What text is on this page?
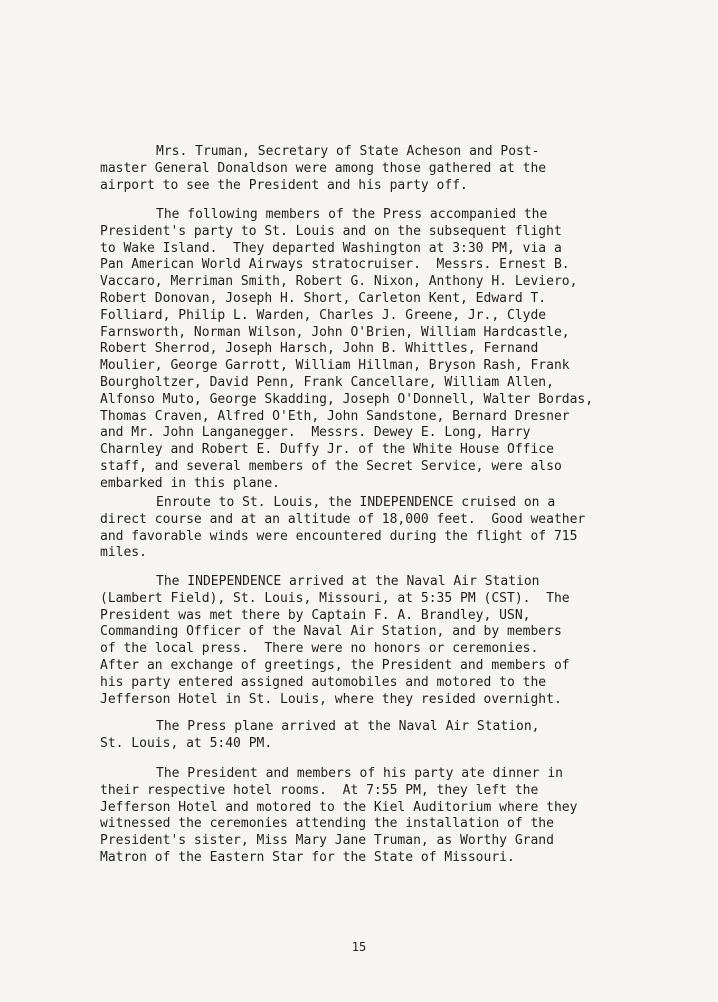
Mrs. Truman, Secretary of State Acheson and Post-
master General Donaldson were among those gathered at the
airport to see the President and his party off.
The following members of the Press accompanied the
President's party to St. Louis and on the subsequent flight
to Wake Island.  They departed Washington at 3:30 PM, via a
Pan American World Airways stratocruiser.  Messrs. Ernest B.
Vaccaro, Merriman Smith, Robert G. Nixon, Anthony H. Leviero,
Robert Donovan, Joseph H. Short, Carleton Kent, Edward T.
Folliard, Philip L. Warden, Charles J. Greene, Jr., Clyde
Farnsworth, Norman Wilson, John O'Brien, William Hardcastle,
Robert Sherrod, Joseph Harsch, John B. Whittles, Fernand
Moulier, George Garrott, William Hillman, Bryson Rash, Frank
Bourgholtzer, David Penn, Frank Cancellare, William Allen,
Alfonso Muto, George Skadding, Joseph O'Donnell, Walter Bordas,
Thomas Craven, Alfred O'Eth, John Sandstone, Bernard Dresner
and Mr. John Langanegger.  Messrs. Dewey E. Long, Harry
Charnley and Robert E. Duffy Jr. of the White House Office
staff, and several members of the Secret Service, were also
embarked in this plane.
Enroute to St. Louis, the INDEPENDENCE cruised on a
direct course and at an altitude of 18,000 feet.  Good weather
and favorable winds were encountered during the flight of 715
miles.
The INDEPENDENCE arrived at the Naval Air Station
(Lambert Field), St. Louis, Missouri, at 5:35 PM (CST).  The
President was met there by Captain F. A. Brandley, USN,
Commanding Officer of the Naval Air Station, and by members
of the local press.  There were no honors or ceremonies.
After an exchange of greetings, the President and members of
his party entered assigned automobiles and motored to the
Jefferson Hotel in St. Louis, where they resided overnight.
The Press plane arrived at the Naval Air Station,
St. Louis, at 5:40 PM.
The President and members of his party ate dinner in
their respective hotel rooms.  At 7:55 PM, they left the
Jefferson Hotel and motored to the Kiel Auditorium where they
witnessed the ceremonies attending the installation of the
President's sister, Miss Mary Jane Truman, as Worthy Grand
Matron of the Eastern Star for the State of Missouri.
15
